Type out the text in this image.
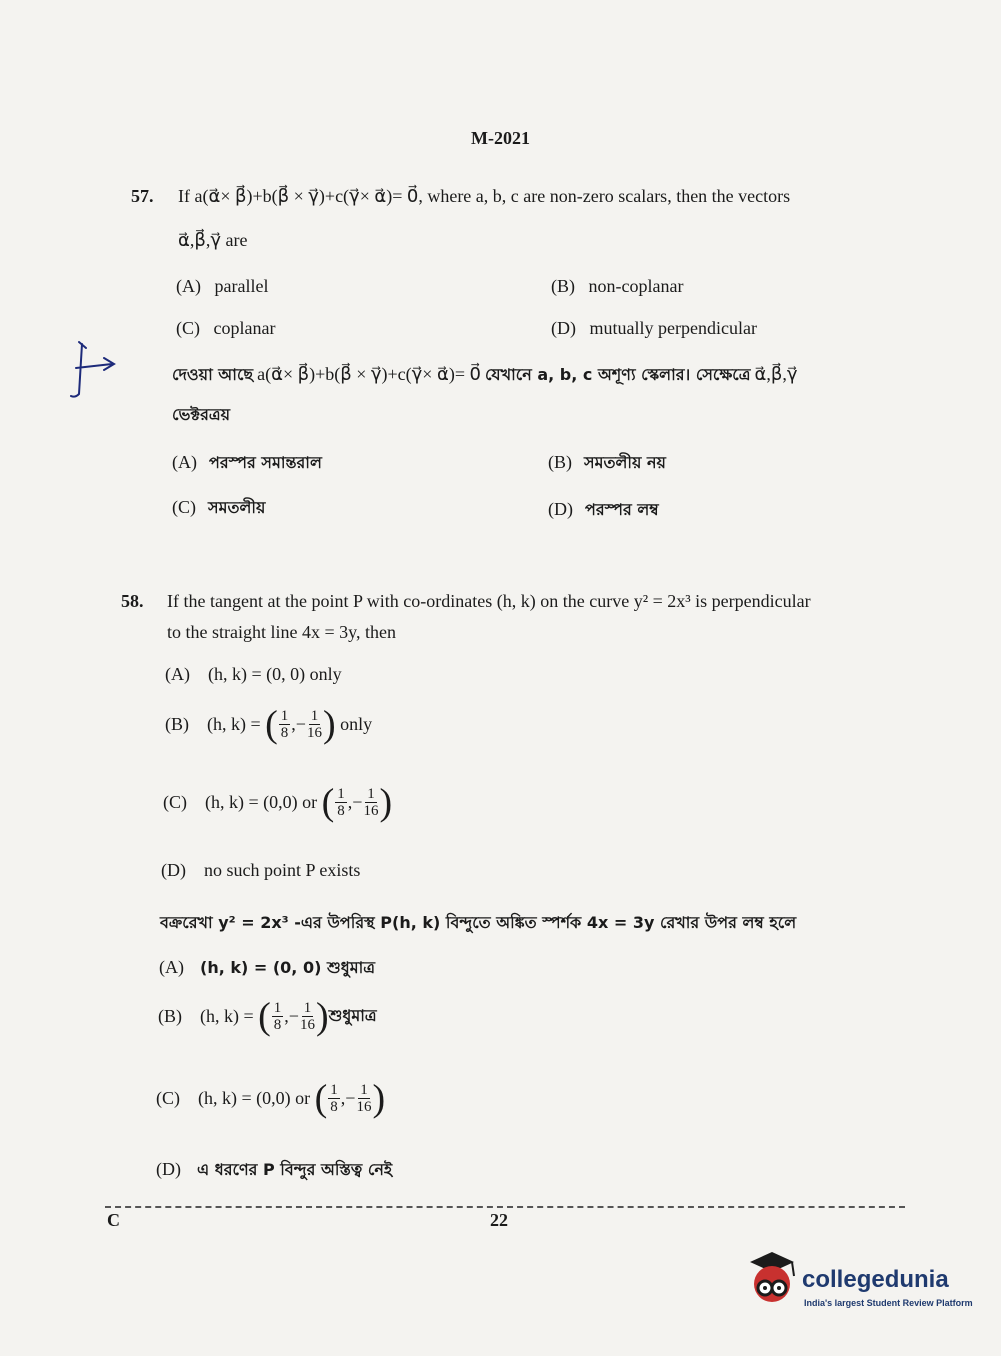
M-2021
57. If a(α⃗× β⃗)+b(β⃗ × γ⃗)+c(γ⃗× α⃗)= 0⃗, where a, b, c are non-zero scalars, then the vectors
α⃗,β⃗,γ⃗ are
(A) parallel	(B) non-coplanar
(C) coplanar	(D) mutually perpendicular
দেওয়া আছে a(α⃗× β⃗)+b(β⃗ × γ⃗)+c(γ⃗× α⃗)= 0⃗ যেখানে a, b, c অশূণ্য স্কেলার। সেক্ষেত্রে α⃗,β⃗,γ⃗
ভেক্টরত্রয়
(A) পরস্পর সমান্তরাল	(B) সমতলীয় নয়
(C) সমতলীয়	(D) পরস্পর লম্ব
58. If the tangent at the point P with co-ordinates (h, k) on the curve y² = 2x³ is perpendicular
to the straight line 4x = 3y, then
(A) (h, k) = (0, 0) only
(B) (h, k) = ( $\frac{1}{8}$ ,− $\frac{1}{16}$ ) only
(C) (h, k) = (0,0) or ( $\frac{1}{8}$ ,− $\frac{1}{16}$ )
(D) no such point P exists
বক্ররেখা y² = 2x³ -এর উপরিস্থ P(h, k) বিন্দুতে অঙ্কিত স্পর্শক 4x = 3y রেখার উপর লম্ব হলে
(A) (h, k) = (0, 0) শুধুমাত্র
(B) (h, k) = ( $\frac{1}{8}$ ,− $\frac{1}{16}$ )শুধুমাত্র
(C) (h, k) = (0,0) or ( $\frac{1}{8}$ ,− $\frac{1}{16}$ )
(D) এ ধরণের P বিন্দুর অস্তিত্ব নেই
C	22
collegedunia
India's largest Student Review Platform
